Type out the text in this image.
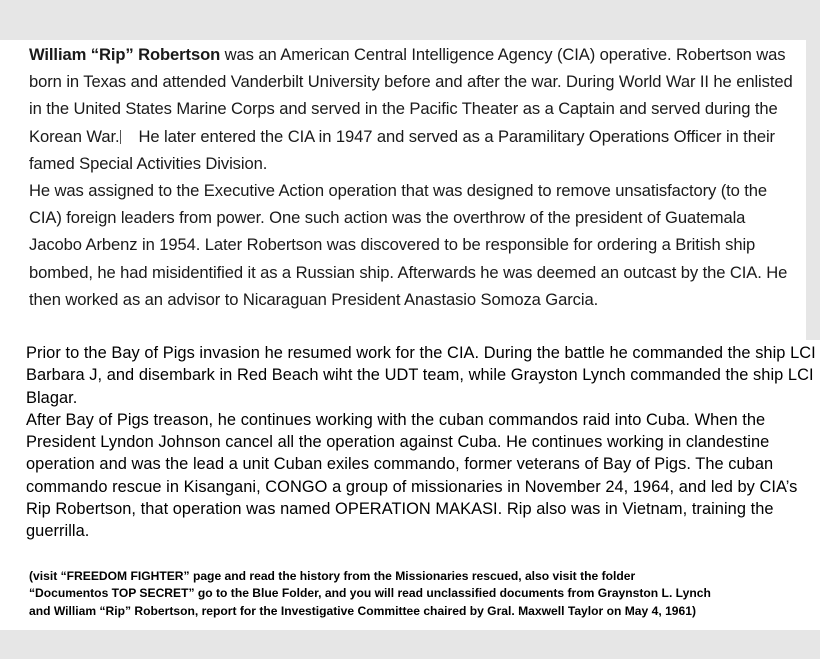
William “Rip” Robertson was an American Central Intelligence Agency (CIA) operative. Robertson was born in Texas and attended Vanderbilt University before and after the war. During World War II he enlisted in the United States Marine Corps and served in the Pacific Theater as a Captain and served during the Korean War. He later entered the CIA in 1947 and served as a Paramilitary Operations Officer in their famed Special Activities Division.

He was assigned to the Executive Action operation that was designed to remove unsatisfactory (to the CIA) foreign leaders from power. One such action was the overthrow of the president of Guatemala Jacobo Arbenz in 1954. Later Robertson was discovered to be responsible for ordering a British ship bombed, he had misidentified it as a Russian ship. Afterwards he was deemed an outcast by the CIA. He then worked as an advisor to Nicaraguan President Anastasio Somoza Garcia.

Prior to the Bay of Pigs invasion he resumed work for the CIA. During the battle he commanded the ship LCI Barbara J, and disembark in Red Beach wiht the UDT team, while Grayston Lynch commanded the ship LCI Blagar.

After Bay of Pigs treason, he continues working with the cuban commandos raid into Cuba. When the President Lyndon Johnson cancel all the operation against Cuba. He continues working in clandestine operation and was the lead a unit Cuban exiles commando, former veterans of Bay of Pigs. The cuban commando rescue in Kisangani, CONGO a group of missionaries in November 24, 1964, and led by CIA’s Rip Robertson, that operation was named OPERATION MAKASI. Rip also was in Vietnam, training the guerrilla.

(visit “FREEDOM FIGHTER” page and read the history from the Missionaries rescued, also visit the folder
“Documentos TOP SECRET” go to the Blue Folder, and you will read unclassified documents from Graynston L. Lynch
and William “Rip” Robertson, report for the Investigative Committee chaired by Gral. Maxwell Taylor on May 4, 1961)
